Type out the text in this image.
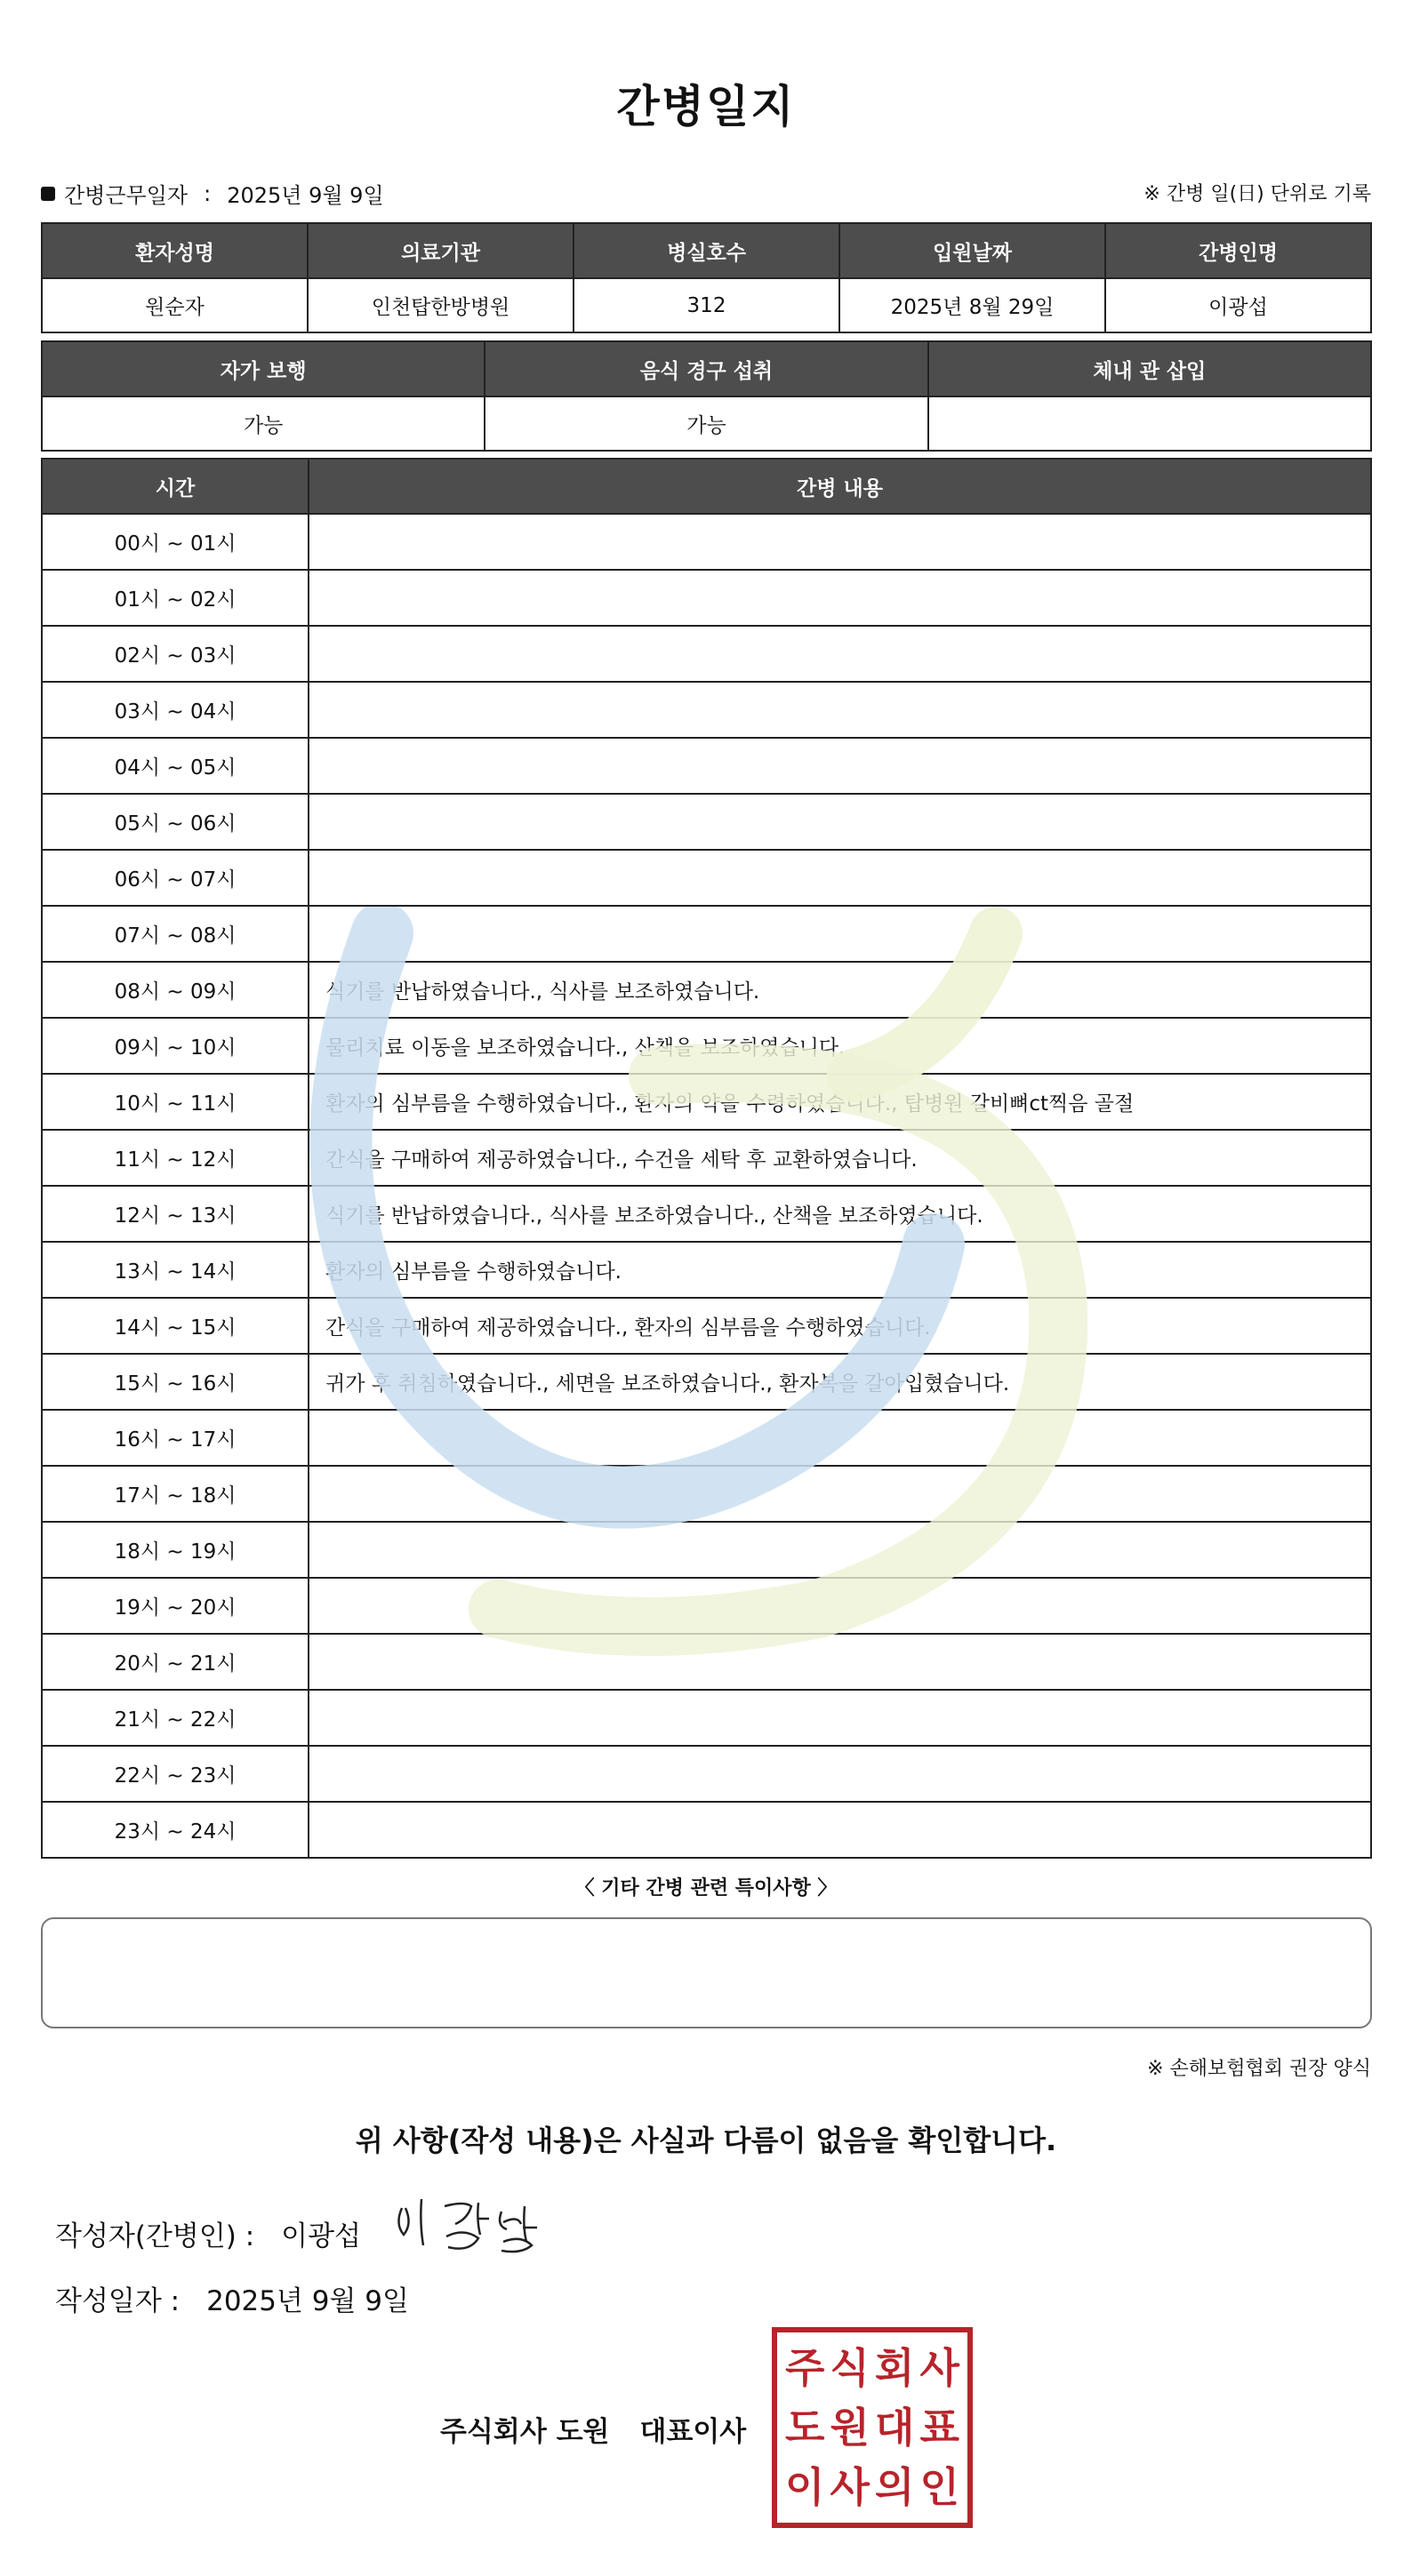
간병일지
간병근무일자 : 2025년 9월 9일	※ 간병 일(日) 단위로 기록
환자성명	의료기관	병실호수	입원날짜	간병인명
원순자	인천탑한방병원	312	2025년 8월 29일	이광섭
자가 보행	음식 경구 섭취	체내 관 삽입
가능	가능	
시간	간병 내용
00시 ~ 01시	
01시 ~ 02시	
02시 ~ 03시	
03시 ~ 04시	
04시 ~ 05시	
05시 ~ 06시	
06시 ~ 07시	
07시 ~ 08시	
08시 ~ 09시	식기를 반납하였습니다., 식사를 보조하였습니다.
09시 ~ 10시	물리치료 이동을 보조하였습니다., 산책을 보조하였습니다.
10시 ~ 11시	환자의 심부름을 수행하였습니다., 환자의 약을 수령하였습니다., 탑병원 갈비뼈ct찍음 골절
11시 ~ 12시	간식을 구매하여 제공하였습니다., 수건을 세탁 후 교환하였습니다.
12시 ~ 13시	식기를 반납하였습니다., 식사를 보조하였습니다., 산책을 보조하였습니다.
13시 ~ 14시	환자의 심부름을 수행하였습니다.
14시 ~ 15시	간식을 구매하여 제공하였습니다., 환자의 심부름을 수행하였습니다.
15시 ~ 16시	귀가 후 취침하였습니다., 세면을 보조하였습니다., 환자복을 갈아입혔습니다.
16시 ~ 17시	
17시 ~ 18시	
18시 ~ 19시	
19시 ~ 20시	
20시 ~ 21시	
21시 ~ 22시	
22시 ~ 23시	
23시 ~ 24시	
〈 기타 간병 관련 특이사항 〉
※ 손해보험협회 권장 양식
위 사항(작성 내용)은 사실과 다름이 없음을 확인합니다.
작성자(간병인) : 이광섭
작성일자 : 2025년 9월 9일
주식회사 도원 대표이사
주 식 회 사
도 원 대 표
이 사 의 인
